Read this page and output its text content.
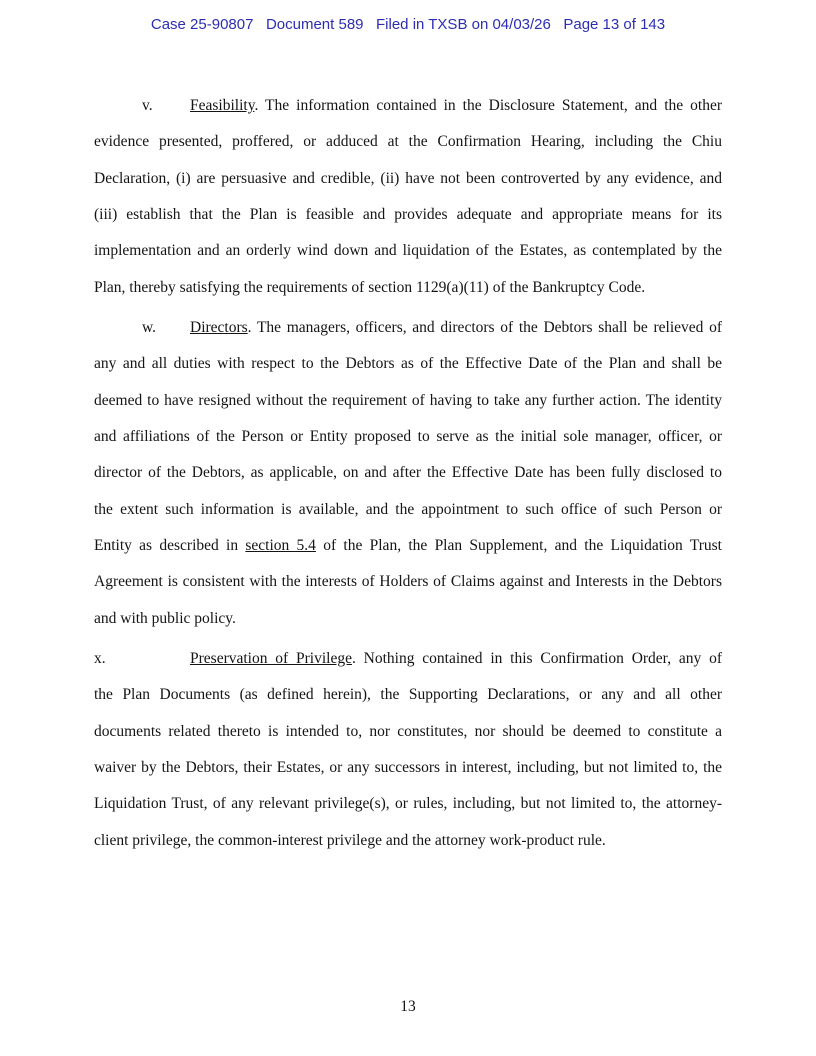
Case 25-90807   Document 589   Filed in TXSB on 04/03/26   Page 13 of 143
v. Feasibility. The information contained in the Disclosure Statement, and the other
evidence presented, proffered, or adduced at the Confirmation Hearing, including the Chiu
Declaration, (i) are persuasive and credible, (ii) have not been controverted by any evidence, and
(iii) establish that the Plan is feasible and provides adequate and appropriate means for its
implementation and an orderly wind down and liquidation of the Estates, as contemplated by the
Plan, thereby satisfying the requirements of section 1129(a)(11) of the Bankruptcy Code.
w. Directors. The managers, officers, and directors of the Debtors shall be relieved of
any and all duties with respect to the Debtors as of the Effective Date of the Plan and shall be
deemed to have resigned without the requirement of having to take any further action. The identity
and affiliations of the Person or Entity proposed to serve as the initial sole manager, officer, or
director of the Debtors, as applicable, on and after the Effective Date has been fully disclosed to
the extent such information is available, and the appointment to such office of such Person or
Entity as described in section 5.4 of the Plan, the Plan Supplement, and the Liquidation Trust
Agreement is consistent with the interests of Holders of Claims against and Interests in the Debtors
and with public policy.
x.	Preservation of Privilege. Nothing contained in this Confirmation Order, any of
the Plan Documents (as defined herein), the Supporting Declarations, or any and all other
documents related thereto is intended to, nor constitutes, nor should be deemed to constitute a
waiver by the Debtors, their Estates, or any successors in interest, including, but not limited to, the
Liquidation Trust, of any relevant privilege(s), or rules, including, but not limited to, the attorney-
client privilege, the common-interest privilege and the attorney work-product rule.
13
